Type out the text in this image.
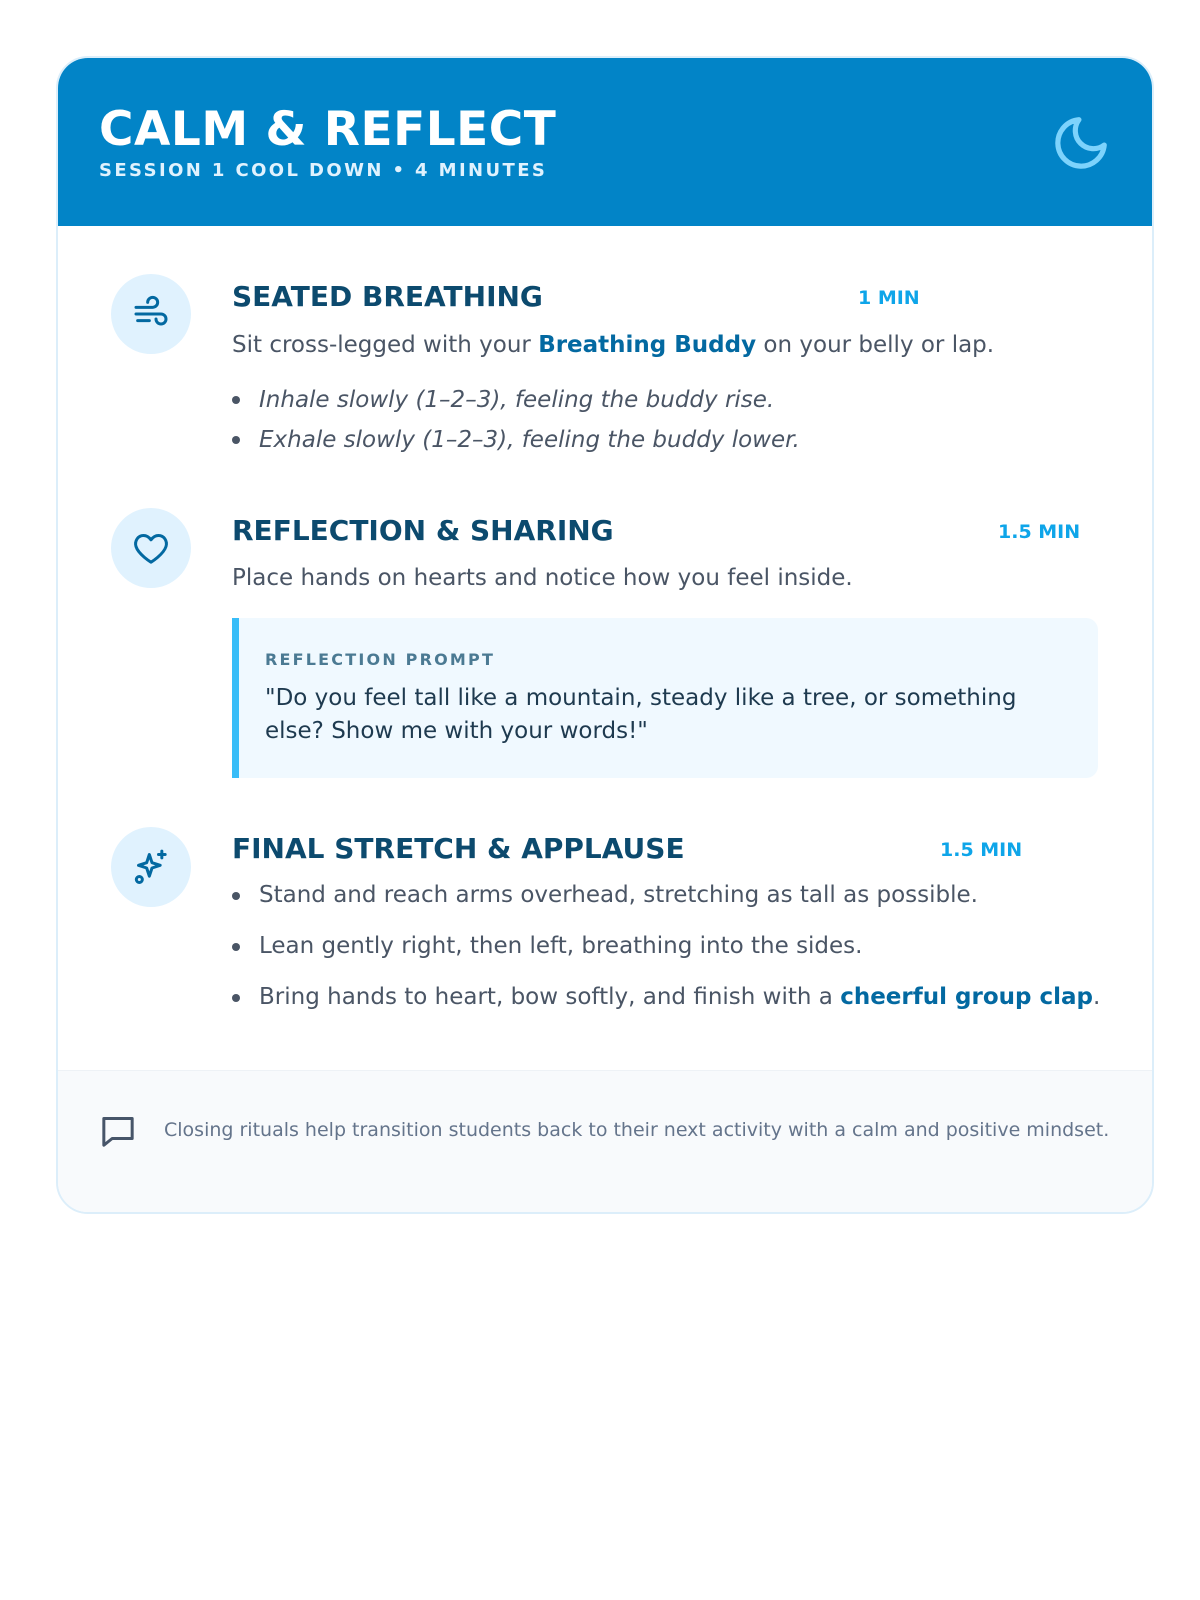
CALM & REFLECT
SESSION 1 COOL DOWN • 4 MINUTES
SEATED BREATHING	1 MIN

Sit cross-legged with your Breathing Buddy on your belly or lap.

Inhale slowly (1–2–3), feeling the buddy rise.
Exhale slowly (1–2–3), feeling the buddy lower.
REFLECTION & SHARING	1.5 MIN

Place hands on hearts and notice how you feel inside.

REFLECTION PROMPT
"Do you feel tall like a mountain, steady like a tree, or something else? Show me with your words!"
FINAL STRETCH & APPLAUSE	1.5 MIN
Stand and reach arms overhead, stretching as tall as possible.
Lean gently right, then left, breathing into the sides.
Bring hands to heart, bow softly, and finish with a cheerful group clap.
Closing rituals help transition students back to their next activity with a calm and positive mindset.
